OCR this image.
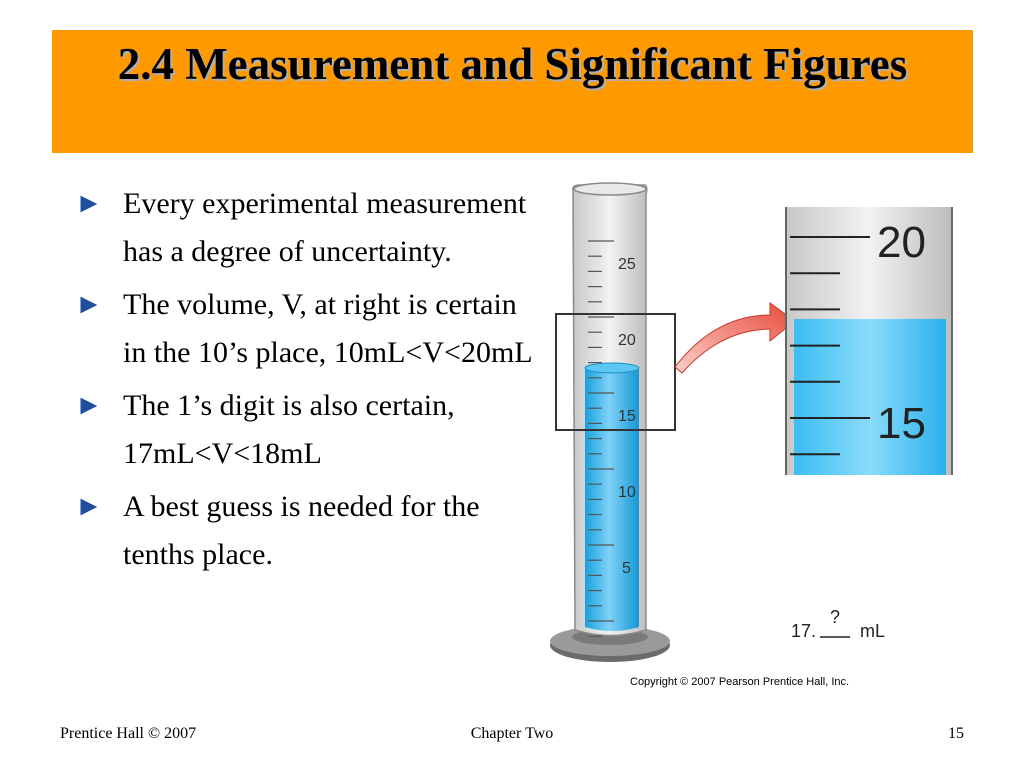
2.4 Measurement and Significant Figures
► Every experimental measurement has a degree of uncertainty.
► The volume, V, at right is certain in the 10’s place, 10mL<V<20mL
► The 1’s digit is also certain, 17mL<V<18mL
► A best guess is needed for the tenths place.
25
20
15
10
5
20
15
17.
?
mL
Copyright © 2007 Pearson Prentice Hall, Inc.
Prentice Hall © 2007	Chapter Two	15
